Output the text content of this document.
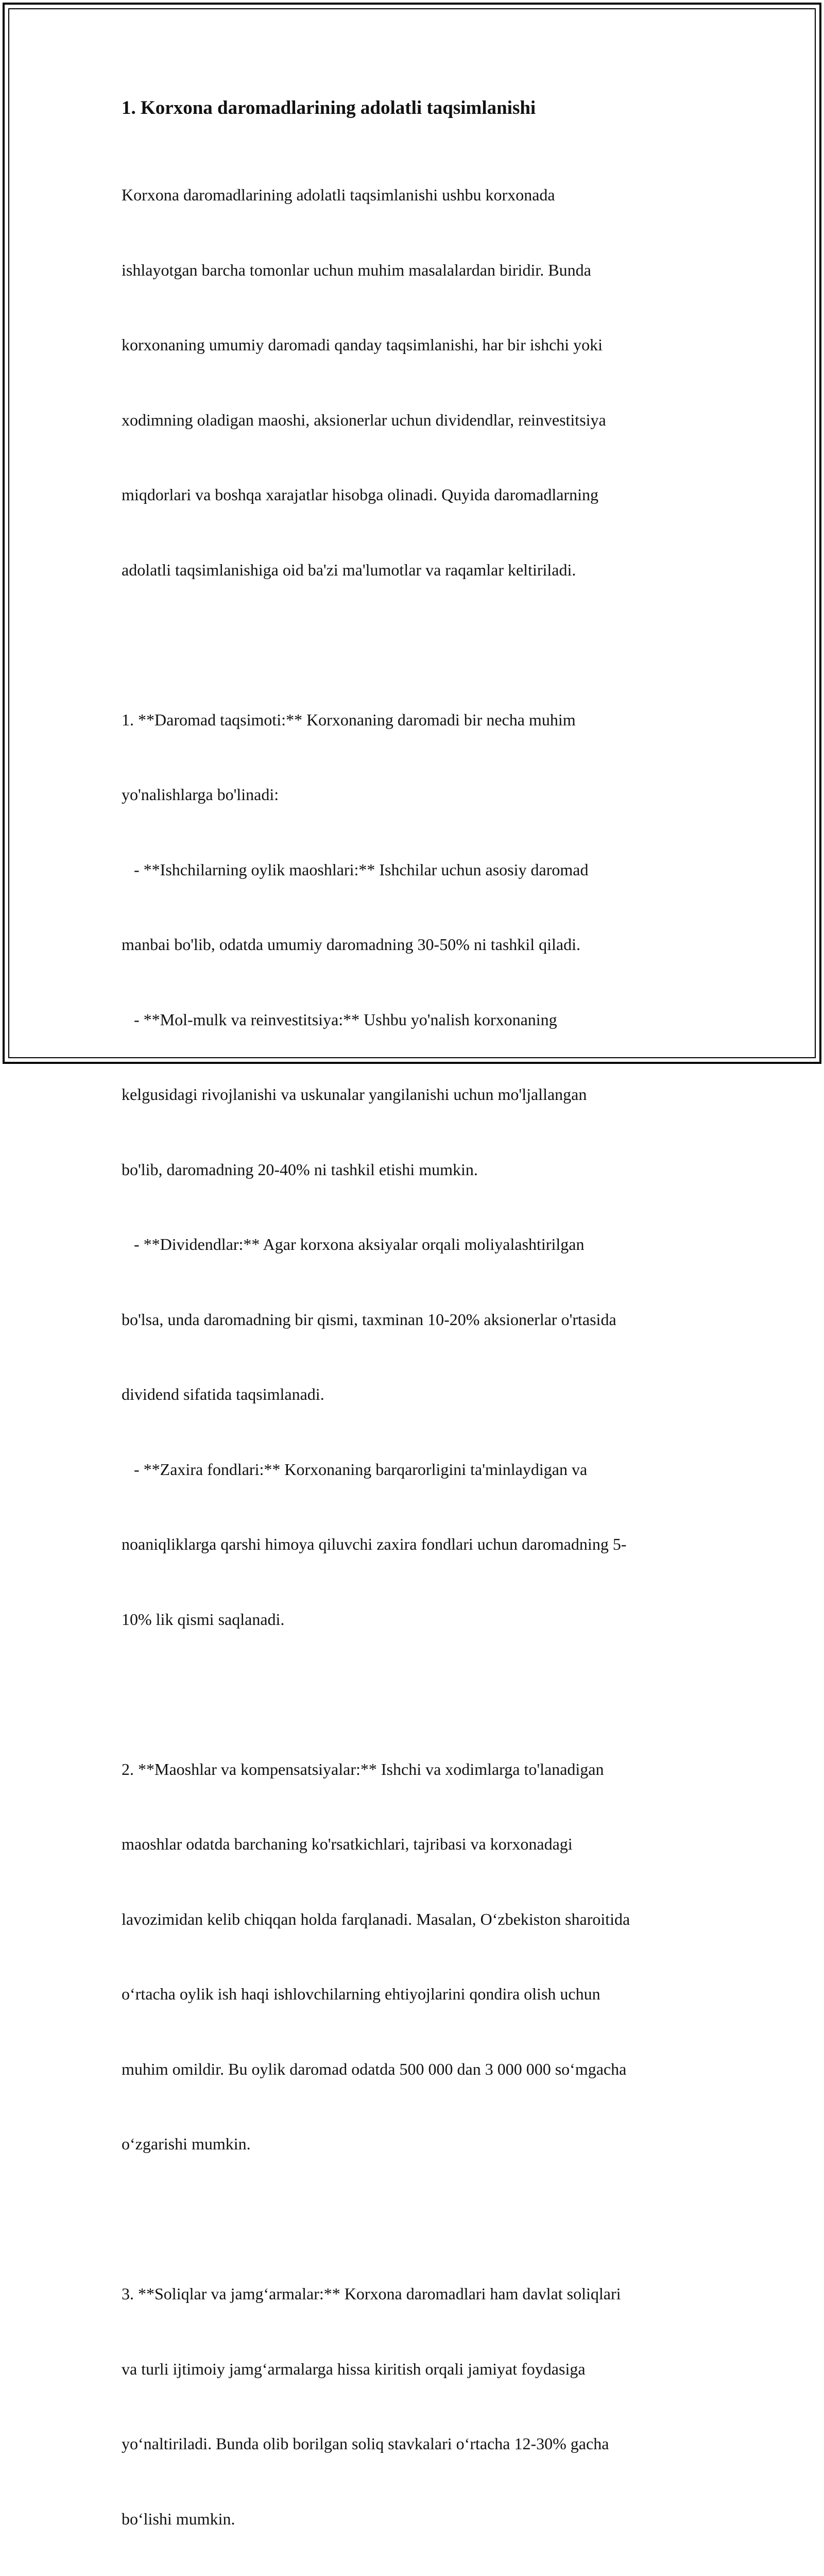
1. Korxona daromadlarining adolatli taqsimlanishi

Korxona daromadlarining adolatli taqsimlanishi ushbu korxonada

ishlayotgan barcha tomonlar uchun muhim masalalardan biridir. Bunda

korxonaning umumiy daromadi qanday taqsimlanishi, har bir ishchi yoki

xodimning oladigan maoshi, aksionerlar uchun dividendlar, reinvestitsiya

miqdorlari va boshqa xarajatlar hisobga olinadi. Quyida daromadlarning

adolatli taqsimlanishiga oid ba'zi ma'lumotlar va raqamlar keltiriladi.

1. **Daromad taqsimoti:** Korxonaning daromadi bir necha muhim

yo'nalishlarga bo'linadi:

- **Ishchilarning oylik maoshlari:** Ishchilar uchun asosiy daromad

manbai bo'lib, odatda umumiy daromadning 30-50% ni tashkil qiladi.

- **Mol-mulk va reinvestitsiya:** Ushbu yo'nalish korxonaning

kelgusidagi rivojlanishi va uskunalar yangilanishi uchun mo'ljallangan

bo'lib, daromadning 20-40% ni tashkil etishi mumkin.

- **Dividendlar:** Agar korxona aksiyalar orqali moliyalashtirilgan

bo'lsa, unda daromadning bir qismi, taxminan 10-20% aksionerlar o'rtasida

dividend sifatida taqsimlanadi.

- **Zaxira fondlari:** Korxonaning barqarorligini ta'minlaydigan va

noaniqliklarga qarshi himoya qiluvchi zaxira fondlari uchun daromadning 5-

10% lik qismi saqlanadi.

2. **Maoshlar va kompensatsiyalar:** Ishchi va xodimlarga to'lanadigan

maoshlar odatda barchaning ko'rsatkichlari, tajribasi va korxonadagi

lavozimidan kelib chiqqan holda farqlanadi. Masalan, O‘zbekiston sharoitida

o‘rtacha oylik ish haqi ishlovchilarning ehtiyojlarini qondira olish uchun

muhim omildir. Bu oylik daromad odatda 500 000 dan 3 000 000 so‘mgacha

o‘zgarishi mumkin.

3. **Soliqlar va jamg‘armalar:** Korxona daromadlari ham davlat soliqlari

va turli ijtimoiy jamg‘armalarga hissa kiritish orqali jamiyat foydasiga

yo‘naltiriladi. Bunda olib borilgan soliq stavkalari o‘rtacha 12-30% gacha

bo‘lishi mumkin.
